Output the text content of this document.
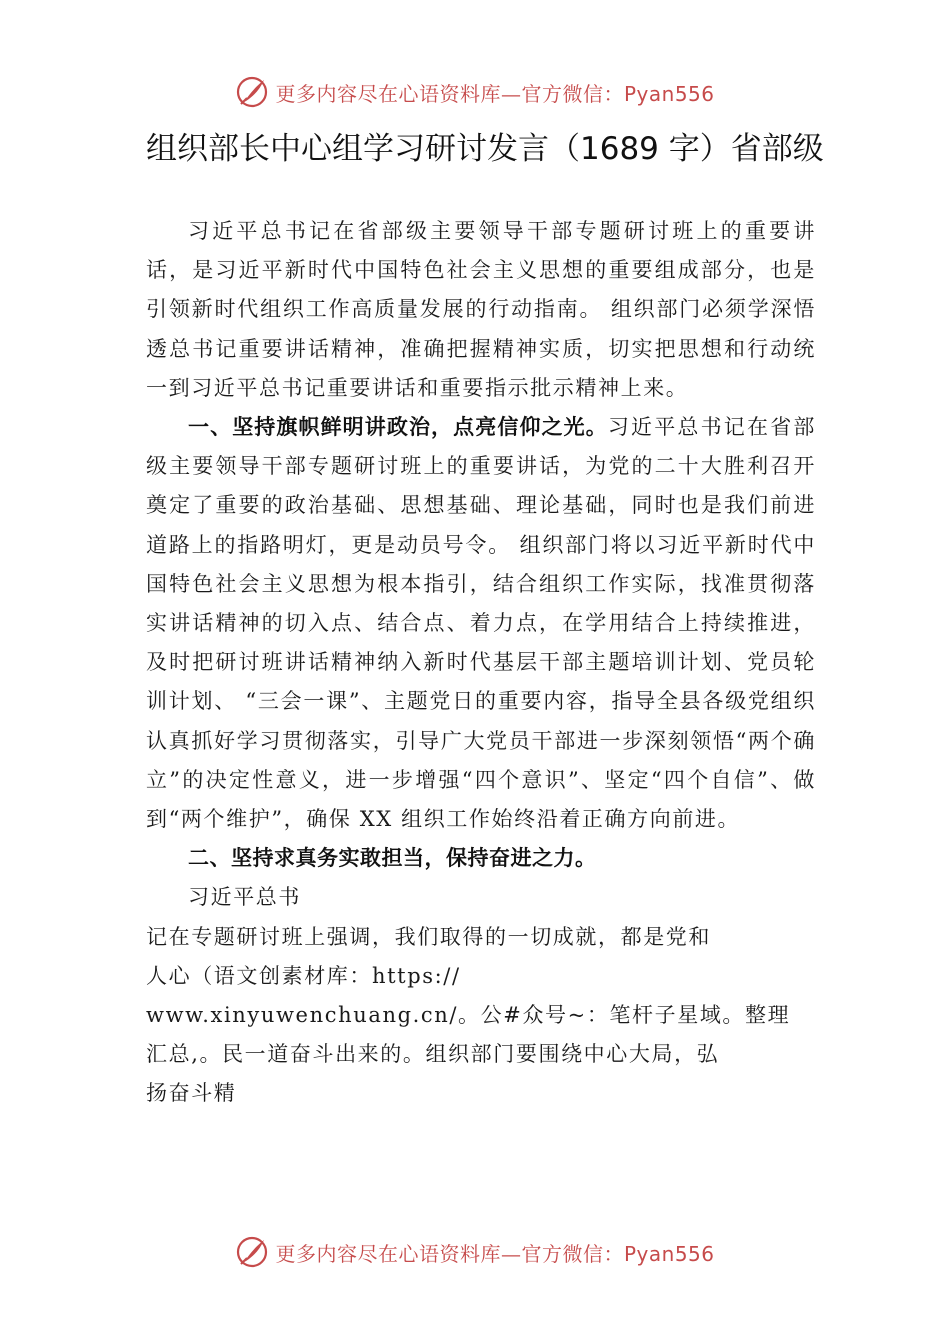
更多内容尽在心语资料库—官方微信：Pyan556
组织部长中心组学习研讨发言（1689 字）省部级

习近平总书记在省部级主要领导干部专题研讨班上的重要讲话，是习近平新时代中国特色社会主义思想的重要组成部分，也是引领新时代组织工作高质量发展的行动指南。 组织部门必须学深悟透总书记重要讲话精神，准确把握精神实质，切实把思想和行动统一到习近平总书记重要讲话和重要指示批示精神上来。

一、坚持旗帜鲜明讲政治，点亮信仰之光。习近平总书记在省部级主要领导干部专题研讨班上的重要讲话，为党的二十大胜利召开奠定了重要的政治基础、思想基础、理论基础，同时也是我们前进道路上的指路明灯，更是动员号令。 组织部门将以习近平新时代中国特色社会主义思想为根本指引，结合组织工作实际，找准贯彻落实讲话精神的切入点、结合点、着力点，在学用结合上持续推进，及时把研讨班讲话精神纳入新时代基层干部主题培训计划、党员轮训计划、 “三会一课”、主题党日的重要内容，指导全县各级党组织认真抓好学习贯彻落实，引导广大党员干部进一步深刻领悟“两个确立”的决定性意义，进一步增强“四个意识”、坚定“四个自信”、做到“两个维护”，确保 XX 组织工作始终沿着正确方向前进。

二、坚持求真务实敢担当，保持奋进之力。
习近平总书
记在专题研讨班上强调，我们取得的一切成就，都是党和
人心（语文创素材库：https://
www.xinyuwenchuang.cn/。公#众号~：笔杆子星域。整理
汇总,。民一道奋斗出来的。组织部门要围绕中心大局，弘
扬奋斗精
更多内容尽在心语资料库—官方微信：Pyan556
